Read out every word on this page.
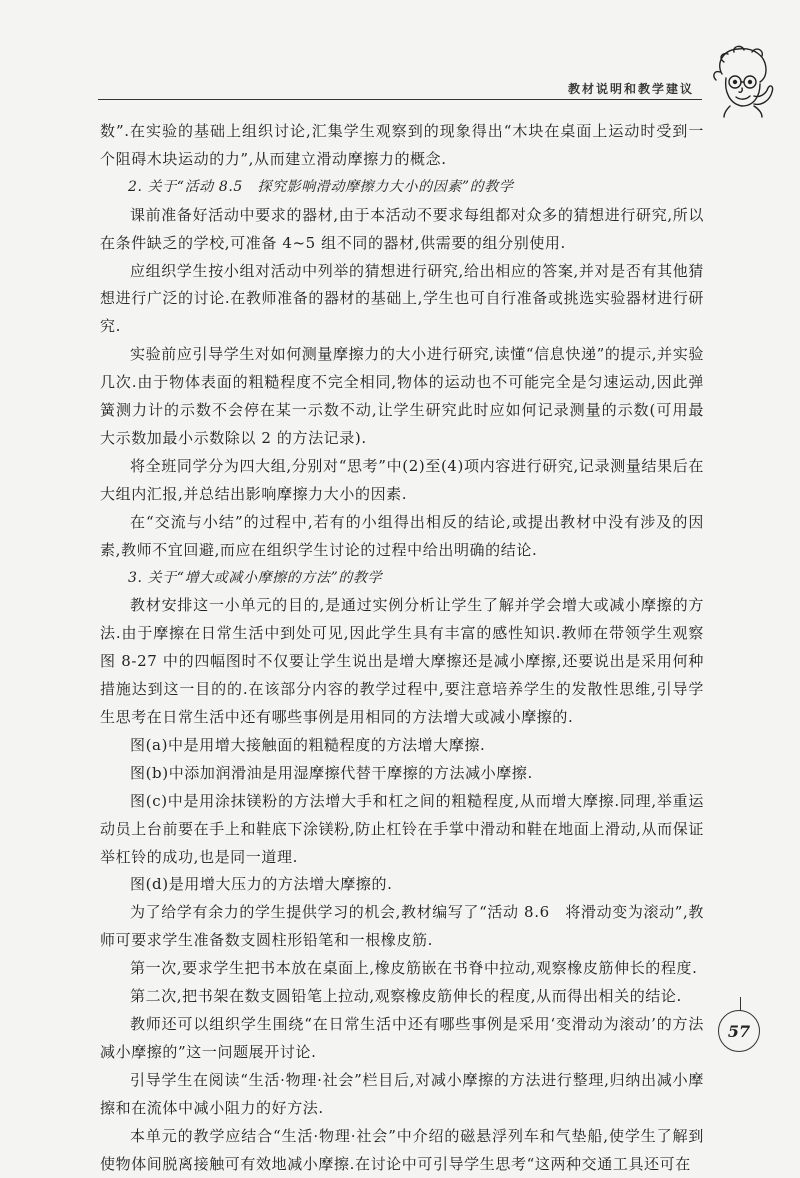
教材说明和教学建议

数”.在实验的基础上组织讨论,汇集学生观察到的现象得出“木块在桌面上运动时受到一个阻碍木块运动的力”,从而建立滑动摩擦力的概念.

2. 关于“活动 8.5　探究影响滑动摩擦力大小的因素”的教学

课前准备好活动中要求的器材,由于本活动不要求每组都对众多的猜想进行研究,所以在条件缺乏的学校,可准备 4~5 组不同的器材,供需要的组分别使用.

应组织学生按小组对活动中列举的猜想进行研究,给出相应的答案,并对是否有其他猜想进行广泛的讨论.在教师准备的器材的基础上,学生也可自行准备或挑选实验器材进行研究.

实验前应引导学生对如何测量摩擦力的大小进行研究,读懂“信息快递”的提示,并实验几次.由于物体表面的粗糙程度不完全相同,物体的运动也不可能完全是匀速运动,因此弹簧测力计的示数不会停在某一示数不动,让学生研究此时应如何记录测量的示数(可用最大示数加最小示数除以 2 的方法记录).

将全班同学分为四大组,分别对“思考”中(2)至(4)项内容进行研究,记录测量结果后在大组内汇报,并总结出影响摩擦力大小的因素.

在“交流与小结”的过程中,若有的小组得出相反的结论,或提出教材中没有涉及的因素,教师不宜回避,而应在组织学生讨论的过程中给出明确的结论.

3. 关于“增大或减小摩擦的方法”的教学

教材安排这一小单元的目的,是通过实例分析让学生了解并学会增大或减小摩擦的方法.由于摩擦在日常生活中到处可见,因此学生具有丰富的感性知识.教师在带领学生观察图 8-27 中的四幅图时不仅要让学生说出是增大摩擦还是减小摩擦,还要说出是采用何种措施达到这一目的的.在该部分内容的教学过程中,要注意培养学生的发散性思维,引导学生思考在日常生活中还有哪些事例是用相同的方法增大或减小摩擦的.

图(a)中是用增大接触面的粗糙程度的方法增大摩擦.

图(b)中添加润滑油是用湿摩擦代替干摩擦的方法减小摩擦.

图(c)中是用涂抹镁粉的方法增大手和杠之间的粗糙程度,从而增大摩擦.同理,举重运动员上台前要在手上和鞋底下涂镁粉,防止杠铃在手掌中滑动和鞋在地面上滑动,从而保证举杠铃的成功,也是同一道理.

图(d)是用增大压力的方法增大摩擦的.

为了给学有余力的学生提供学习的机会,教材编写了“活动 8.6　将滑动变为滚动”,教师可要求学生准备数支圆柱形铅笔和一根橡皮筋.

第一次,要求学生把书本放在桌面上,橡皮筋嵌在书脊中拉动,观察橡皮筋伸长的程度.

第二次,把书架在数支圆铅笔上拉动,观察橡皮筋伸长的程度,从而得出相关的结论.

教师还可以组织学生围绕“在日常生活中还有哪些事例是采用‘变滑动为滚动’的方法减小摩擦的”这一问题展开讨论.

引导学生在阅读“生活·物理·社会”栏目后,对减小摩擦的方法进行整理,归纳出减小摩擦和在流体中减小阻力的好方法.

本单元的教学应结合“生活·物理·社会”中介绍的磁悬浮列车和气垫船,使学生了解到使物体间脱离接触可有效地减小摩擦.在讨论中可引导学生思考“这两种交通工具还可在

57
